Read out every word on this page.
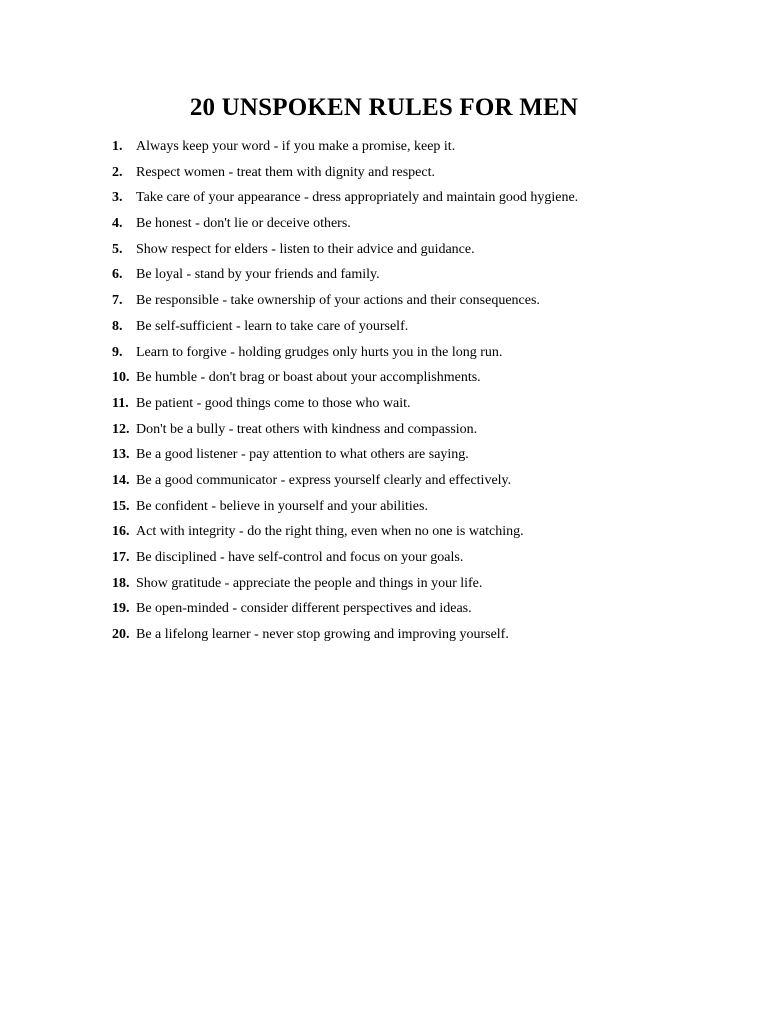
20 UNSPOKEN RULES FOR MEN
1. Always keep your word - if you make a promise, keep it.
2. Respect women - treat them with dignity and respect.
3. Take care of your appearance - dress appropriately and maintain good hygiene.
4. Be honest - don't lie or deceive others.
5. Show respect for elders - listen to their advice and guidance.
6. Be loyal - stand by your friends and family.
7. Be responsible - take ownership of your actions and their consequences.
8. Be self-sufficient - learn to take care of yourself.
9. Learn to forgive - holding grudges only hurts you in the long run.
10. Be humble - don't brag or boast about your accomplishments.
11. Be patient - good things come to those who wait.
12. Don't be a bully - treat others with kindness and compassion.
13. Be a good listener - pay attention to what others are saying.
14. Be a good communicator - express yourself clearly and effectively.
15. Be confident - believe in yourself and your abilities.
16. Act with integrity - do the right thing, even when no one is watching.
17. Be disciplined - have self-control and focus on your goals.
18. Show gratitude - appreciate the people and things in your life.
19. Be open-minded - consider different perspectives and ideas.
20. Be a lifelong learner - never stop growing and improving yourself.
